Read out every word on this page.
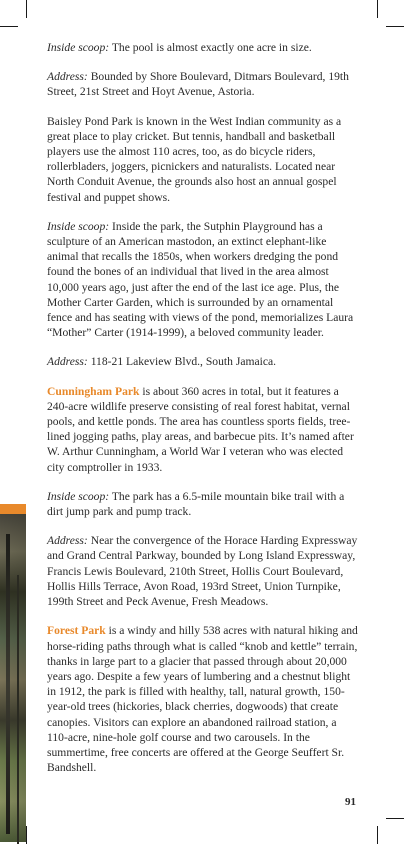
Inside scoop: The pool is almost exactly one acre in size.

Address: Bounded by Shore Boulevard, Ditmars Boulevard, 19th Street, 21st Street and Hoyt Avenue, Astoria.

Baisley Pond Park is known in the West Indian community as a great place to play cricket. But tennis, handball and basketball players use the almost 110 acres, too, as do bicycle riders, rollerbladers, joggers, picnickers and naturalists. Located near North Conduit Avenue, the grounds also host an annual gospel festival and puppet shows.

Inside scoop: Inside the park, the Sutphin Playground has a sculpture of an American mastodon, an extinct elephant-like animal that recalls the 1850s, when workers dredging the pond found the bones of an individual that lived in the area almost 10,000 years ago, just after the end of the last ice age. Plus, the Mother Carter Garden, which is surrounded by an ornamental fence and has seating with views of the pond, memorializes Laura “Mother” Carter (1914-1999), a beloved community leader.

Address: 118-21 Lakeview Blvd., South Jamaica.

Cunningham Park is about 360 acres in total, but it features a 240-acre wildlife preserve consisting of real forest habitat, vernal pools, and kettle ponds. The area has countless sports fields, tree-lined jogging paths, play areas, and barbecue pits. It’s named after W. Arthur Cunningham, a World War I veteran who was elected city comptroller in 1933.

Inside scoop: The park has a 6.5-mile mountain bike trail with a dirt jump park and pump track.

Address: Near the convergence of the Horace Harding Expressway and Grand Central Parkway, bounded by Long Island Expressway, Francis Lewis Boulevard, 210th Street, Hollis Court Boulevard, Hollis Hills Terrace, Avon Road, 193rd Street, Union Turnpike, 199th Street and Peck Avenue, Fresh Meadows.

Forest Park is a windy and hilly 538 acres with natural hiking and horse-riding paths through what is called “knob and kettle” terrain, thanks in large part to a glacier that passed through about 20,000 years ago. Despite a few years of lumbering and a chestnut blight in 1912, the park is filled with healthy, tall, natural growth, 150-year-old trees (hickories, black cherries, dogwoods) that create canopies. Visitors can explore an abandoned railroad station, a 110-acre, nine-hole golf course and two carousels. In the summertime, free concerts are offered at the George Seuffert Sr. Bandshell.

91
